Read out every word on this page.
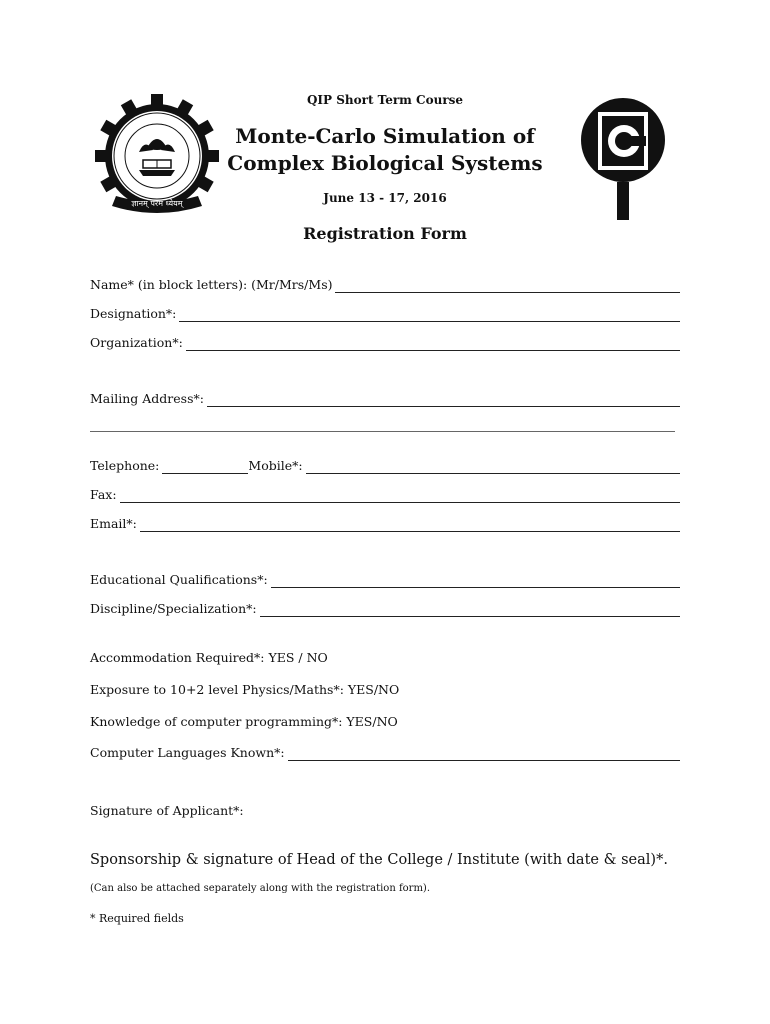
ज्ञानम् परमं ध्येयम्
QIP Short Term Course
Monte-Carlo Simulation of
Complex Biological Systems
June 13 - 17, 2016
Registration Form
Name* (in block letters): (Mr/Mrs/Ms)
Designation*:
Organization*:
Mailing Address*:
Telephone:	Mobile*:
Fax:
Email*:
Educational Qualifications*:
Discipline/Specialization*:
Accommodation Required*: YES / NO
Exposure to 10+2 level Physics/Maths*: YES/NO
Knowledge of computer programming*: YES/NO
Computer Languages Known*:
Signature of Applicant*:
Sponsorship & signature of Head of the College / Institute (with date & seal)*.
(Can also be attached separately along with the registration form).
* Required fields
